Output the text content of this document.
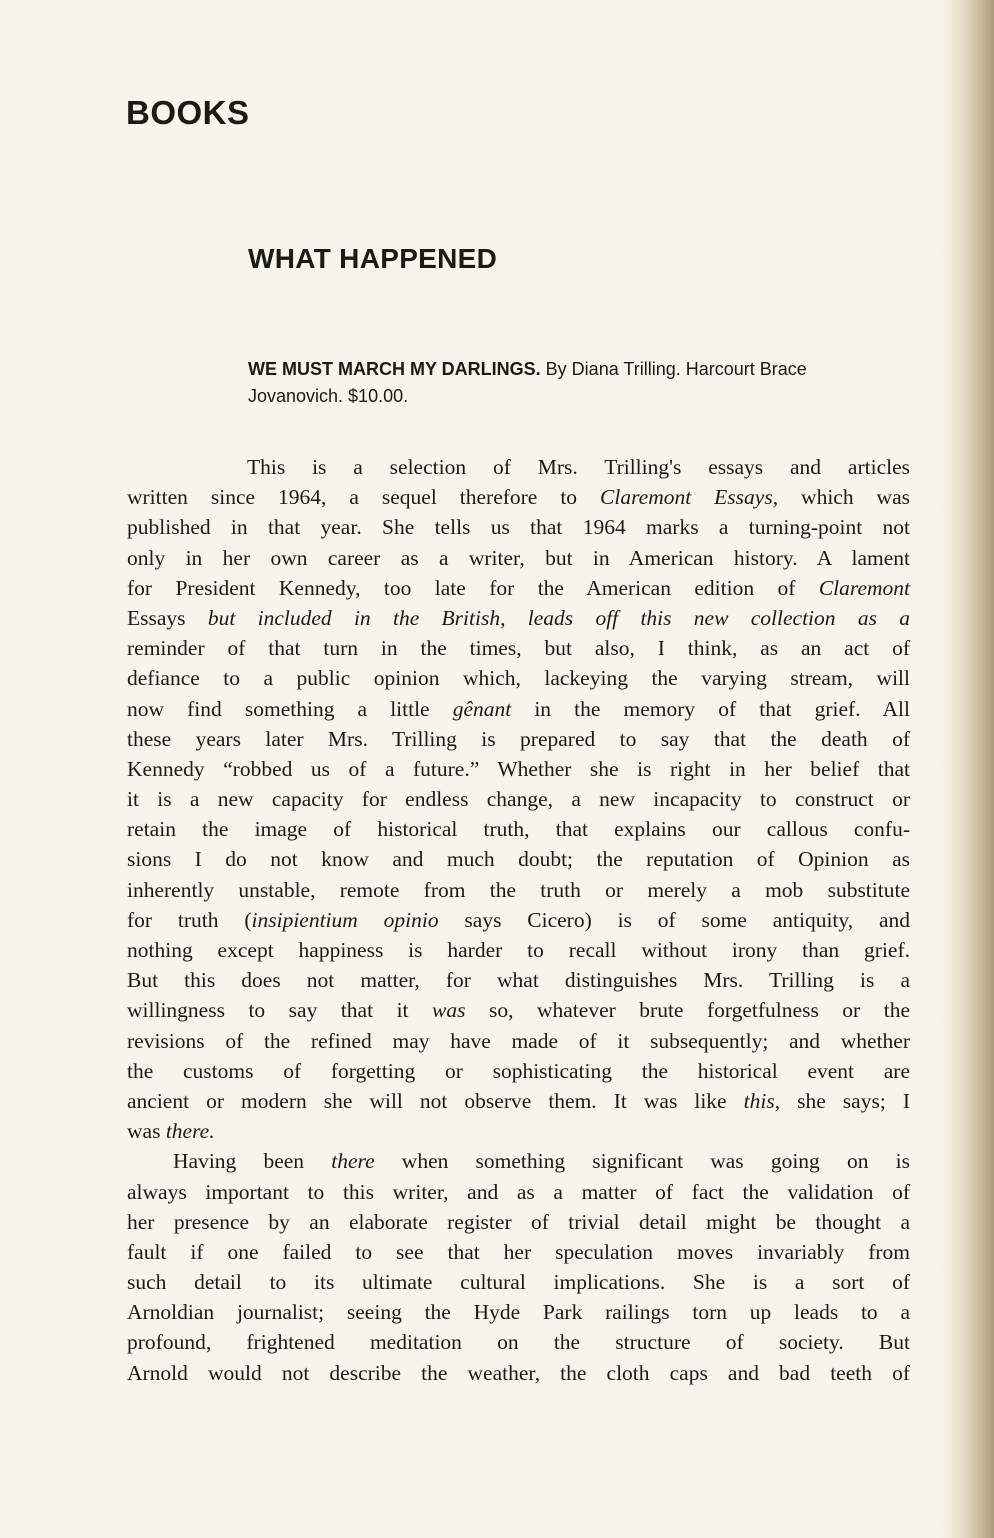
BOOKS
WHAT HAPPENED
WE MUST MARCH MY DARLINGS. By Diana Trilling. Harcourt Brace
Jovanovich. $10.00.

This is a selection of Mrs. Trilling's essays and articles
written since 1964, a sequel therefore to Claremont Essays, which was
published in that year. She tells us that 1964 marks a turning-point not
only in her own career as a writer, but in American history. A lament
for President Kennedy, too late for the American edition of Claremont
Essays but included in the British, leads off this new collection as a
reminder of that turn in the times, but also, I think, as an act of
defiance to a public opinion which, lackeying the varying stream, will
now find something a little gênant in the memory of that grief. All
these years later Mrs. Trilling is prepared to say that the death of
Kennedy “robbed us of a future.” Whether she is right in her belief that
it is a new capacity for endless change, a new incapacity to construct or
retain the image of historical truth, that explains our callous confu-
sions I do not know and much doubt; the reputation of Opinion as
inherently unstable, remote from the truth or merely a mob substitute
for truth (insipientium opinio says Cicero) is of some antiquity, and
nothing except happiness is harder to recall without irony than grief.
But this does not matter, for what distinguishes Mrs. Trilling is a
willingness to say that it was so, whatever brute forgetfulness or the
revisions of the refined may have made of it subsequently; and whether
the customs of forgetting or sophisticating the historical event are
ancient or modern she will not observe them. It was like this, she says; I
was there.

Having been there when something significant was going on is
always important to this writer, and as a matter of fact the validation of
her presence by an elaborate register of trivial detail might be thought a
fault if one failed to see that her speculation moves invariably from
such detail to its ultimate cultural implications. She is a sort of
Arnoldian journalist; seeing the Hyde Park railings torn up leads to a
profound, frightened meditation on the structure of society. But
Arnold would not describe the weather, the cloth caps and bad teeth of
